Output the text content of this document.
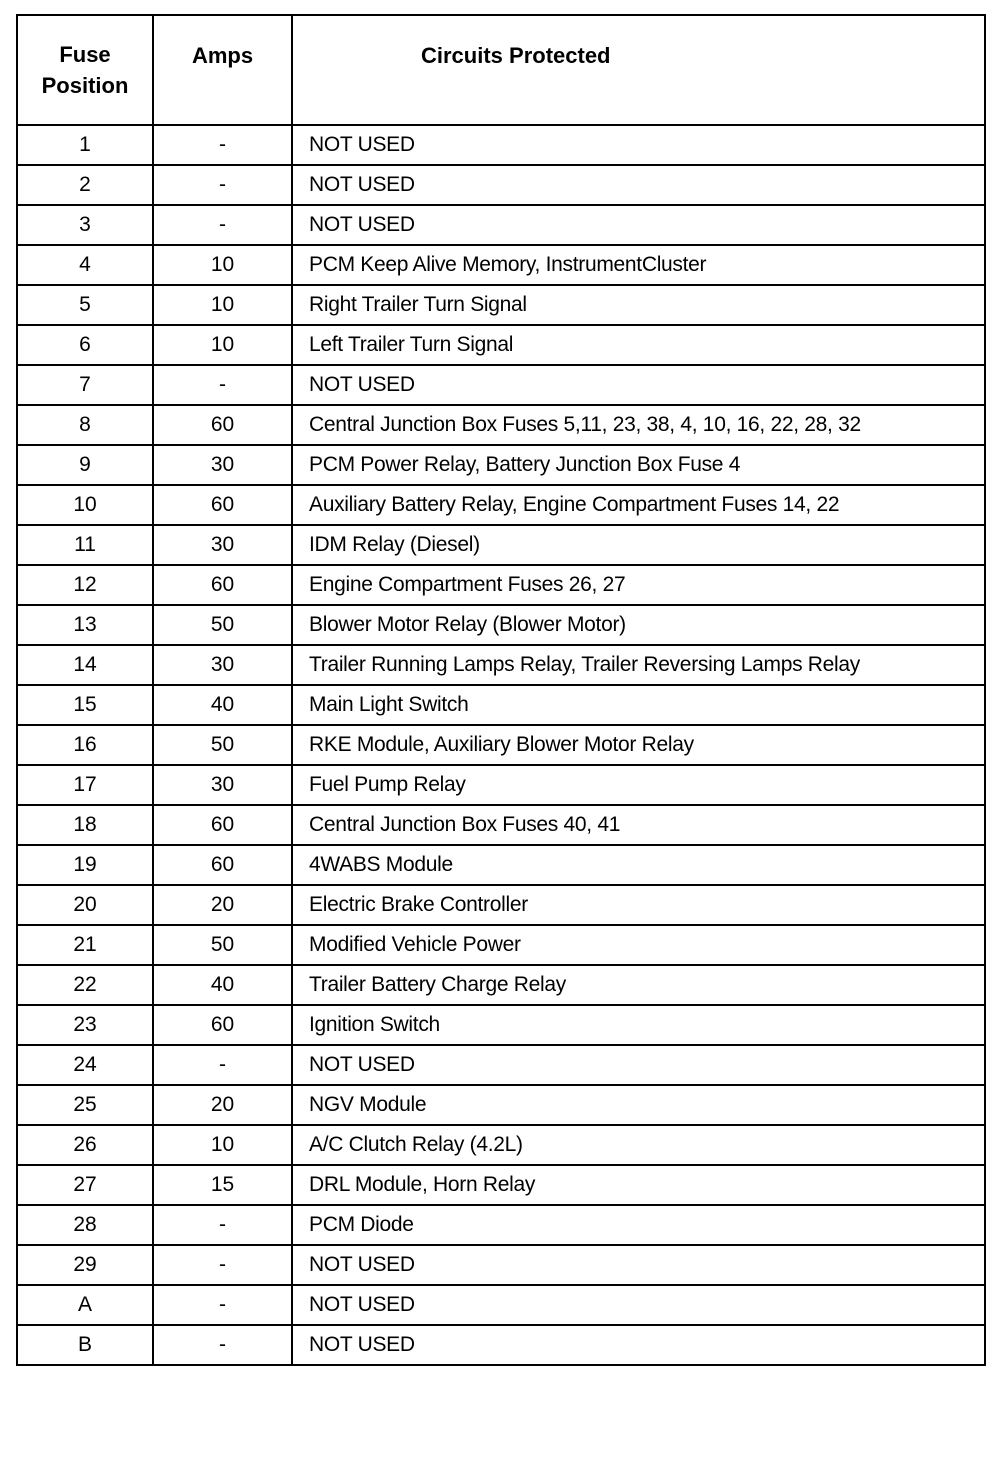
Fuse
Position	Amps	Circuits Protected
1	-	NOT USED
2	-	NOT USED
3	-	NOT USED
4	10	PCM Keep Alive Memory, InstrumentCluster
5	10	Right Trailer Turn Signal
6	10	Left Trailer Turn Signal
7	-	NOT USED
8	60	Central Junction Box Fuses 5,11, 23, 38, 4, 10, 16, 22, 28, 32
9	30	PCM Power Relay, Battery Junction Box Fuse 4
10	60	Auxiliary Battery Relay, Engine Compartment Fuses 14, 22
11	30	IDM Relay (Diesel)
12	60	Engine Compartment Fuses 26, 27
13	50	Blower Motor Relay (Blower Motor)
14	30	Trailer Running Lamps Relay, Trailer Reversing Lamps Relay
15	40	Main Light Switch
16	50	RKE Module, Auxiliary Blower Motor Relay
17	30	Fuel Pump Relay
18	60	Central Junction Box Fuses 40, 41
19	60	4WABS Module
20	20	Electric Brake Controller
21	50	Modified Vehicle Power
22	40	Trailer Battery Charge Relay
23	60	Ignition Switch
24	-	NOT USED
25	20	NGV Module
26	10	A/C Clutch Relay (4.2L)
27	15	DRL Module, Horn Relay
28	-	PCM Diode
29	-	NOT USED
A	-	NOT USED
B	-	NOT USED
